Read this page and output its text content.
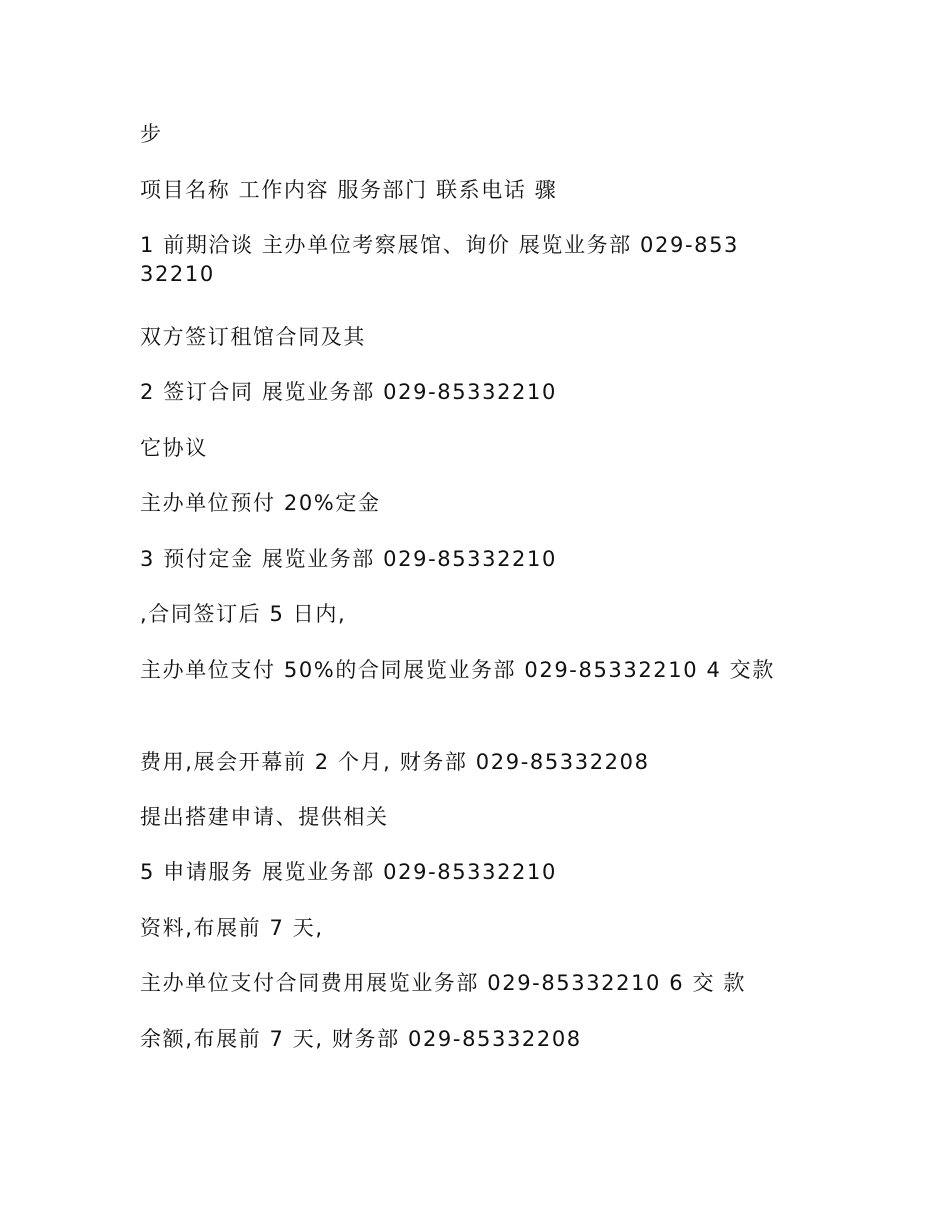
步

项目名称 工作内容 服务部门 联系电话 骤

1 前期洽谈 主办单位考察展馆、询价 展览业务部 029-85332210

双方签订租馆合同及其

2 签订合同 展览业务部 029-85332210

它协议

主办单位预付 20%定金

3 预付定金 展览业务部 029-85332210

,合同签订后 5 日内,

主办单位支付 50%的合同展览业务部 029-85332210 4 交款

费用,展会开幕前 2 个月, 财务部 029-85332208

提出搭建申请、提供相关

5 申请服务 展览业务部 029-85332210

资料,布展前 7 天,

主办单位支付合同费用展览业务部 029-85332210 6 交 款

余额,布展前 7 天, 财务部 029-85332208
